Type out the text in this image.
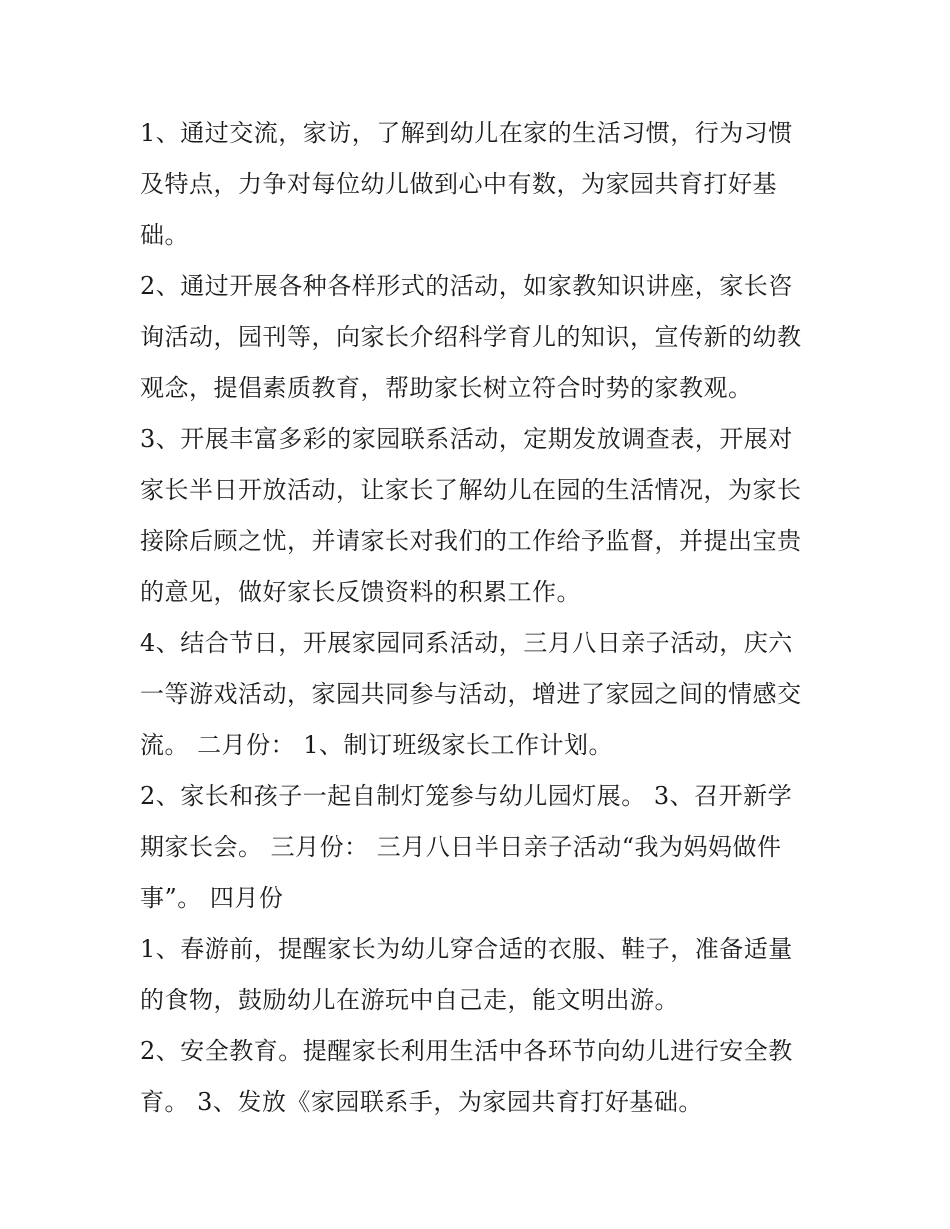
1、通过交流，家访，了解到幼儿在家的生活习惯，行为习惯
及特点，力争对每位幼儿做到心中有数，为家园共育打好基
础。
2、通过开展各种各样形式的活动，如家教知识讲座，家长咨
询活动，园刊等，向家长介绍科学育儿的知识，宣传新的幼教
观念，提倡素质教育，帮助家长树立符合时势的家教观。
3、开展丰富多彩的家园联系活动，定期发放调查表，开展对
家长半日开放活动，让家长了解幼儿在园的生活情况，为家长
接除后顾之忧，并请家长对我们的工作给予监督，并提出宝贵
的意见，做好家长反馈资料的积累工作。
4、结合节日，开展家园同系活动，三月八日亲子活动，庆六
一等游戏活动，家园共同参与活动，增进了家园之间的情感交
流。 二月份： 1、制订班级家长工作计划。
2、家长和孩子一起自制灯笼参与幼儿园灯展。 3、召开新学
期家长会。 三月份： 三月八日半日亲子活动“我为妈妈做件
事”。 四月份
1、春游前，提醒家长为幼儿穿合适的衣服、鞋子，准备适量
的食物，鼓励幼儿在游玩中自己走，能文明出游。
2、安全教育。提醒家长利用生活中各环节向幼儿进行安全教
育。 3、发放《家园联系手，为家园共育打好基础。
